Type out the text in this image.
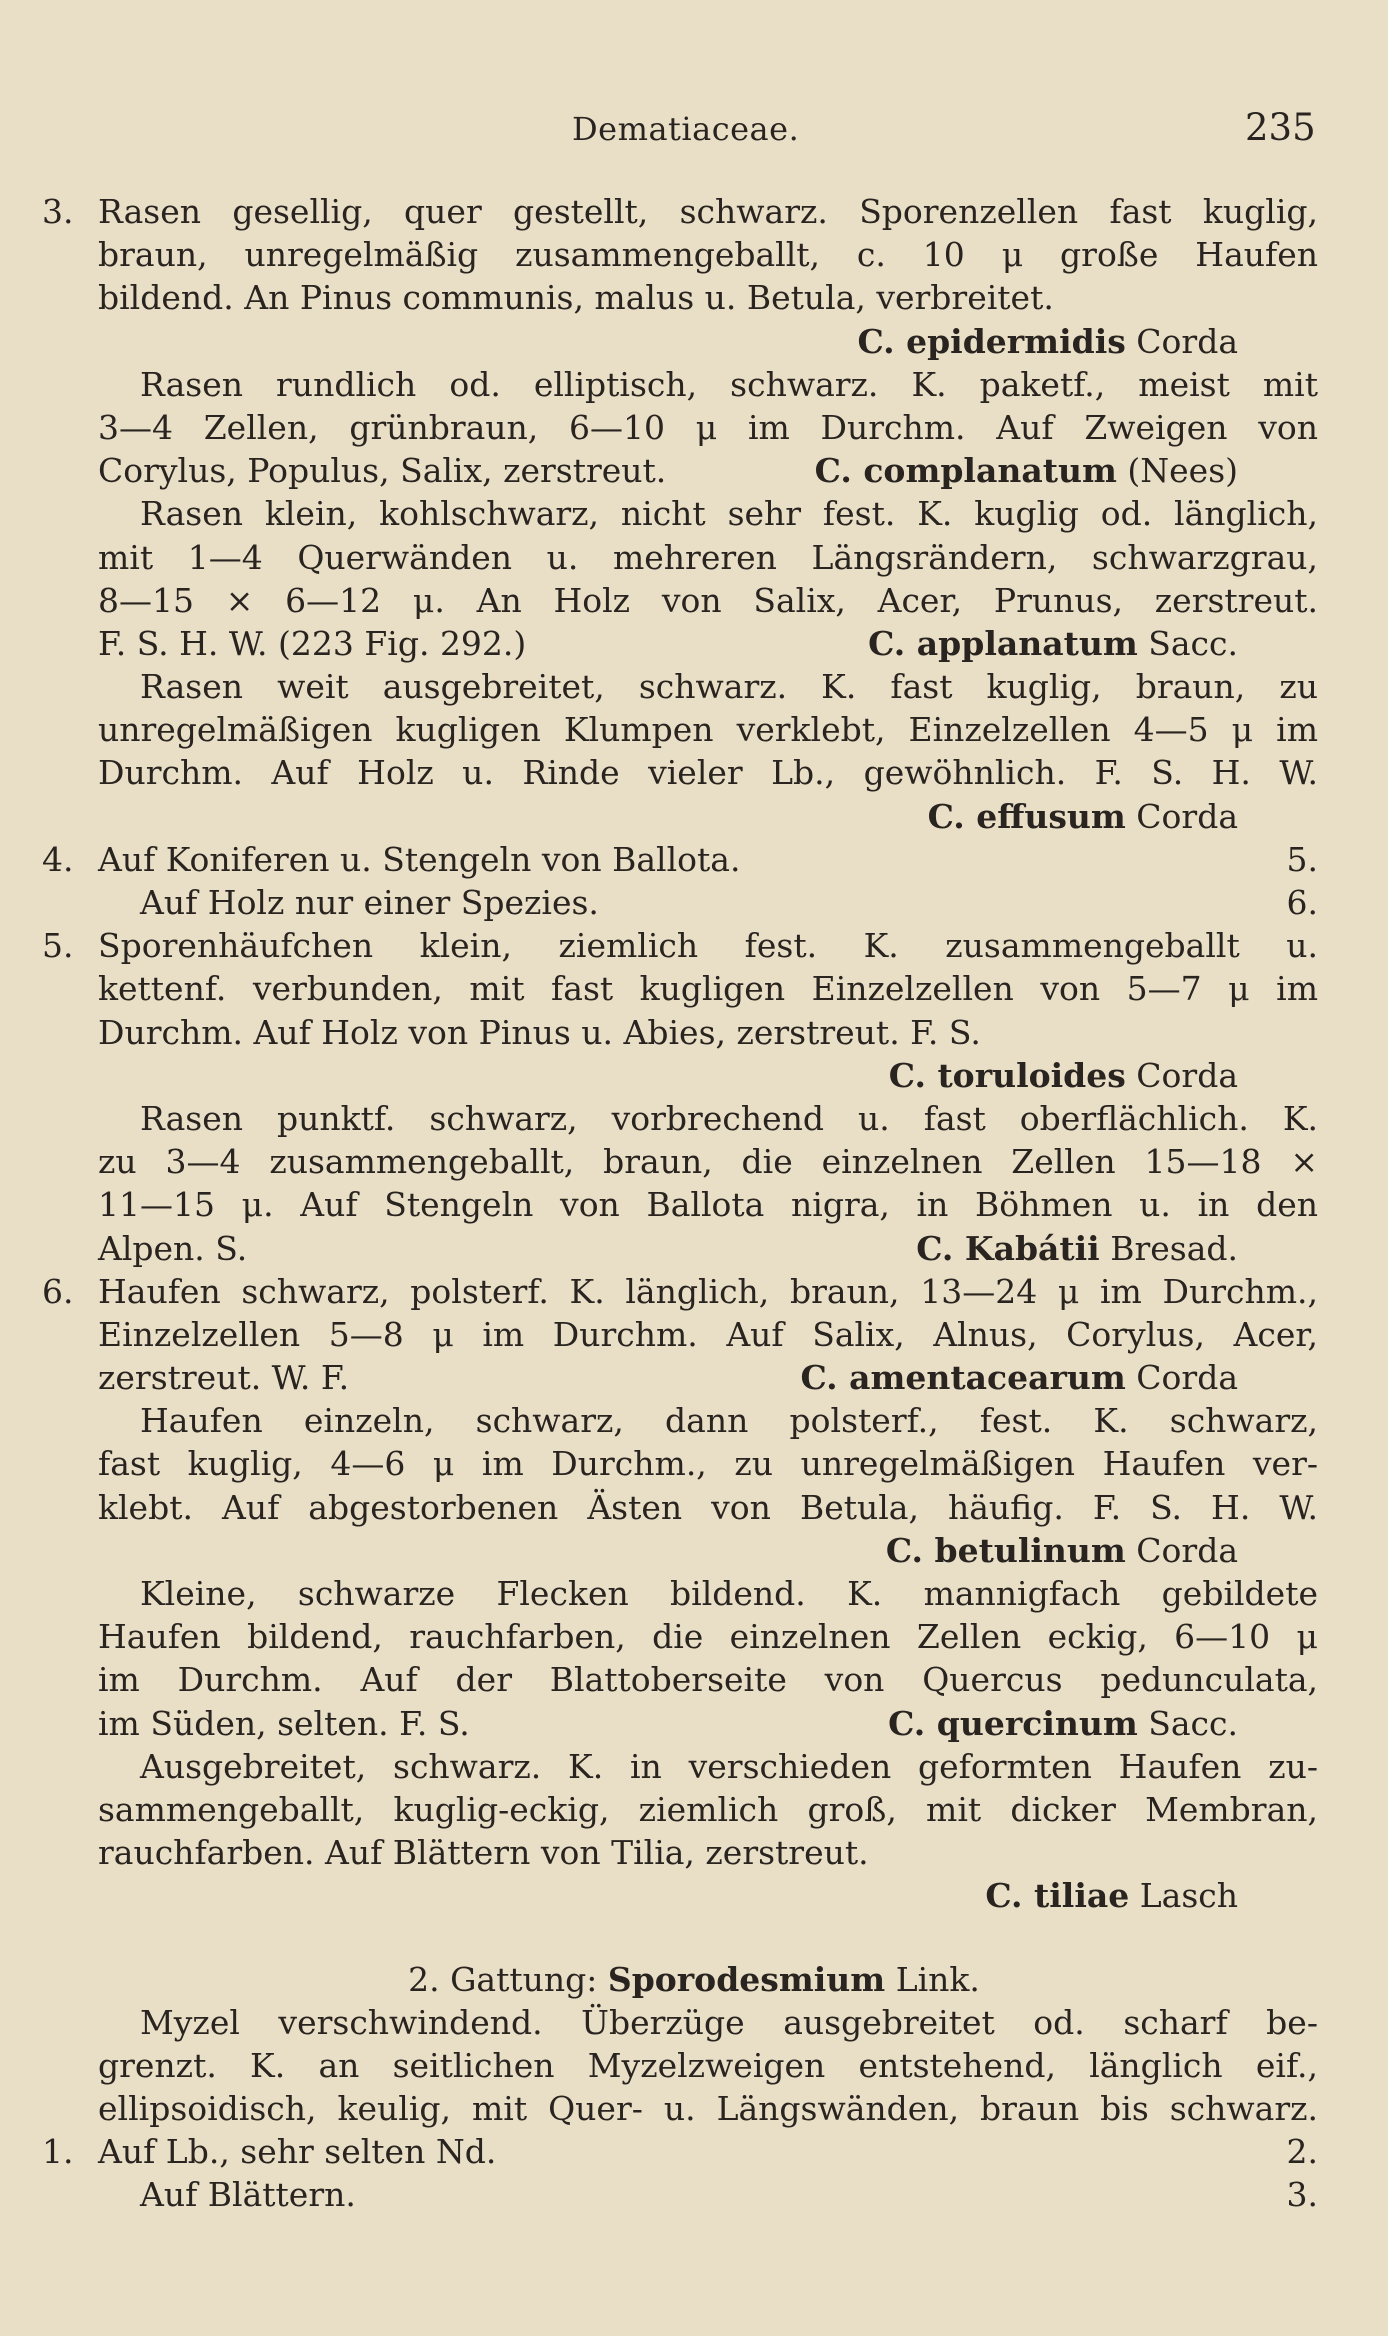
Dematiaceae.	235
3. Rasen gesellig, quer gestellt, schwarz. Sporenzellen fast kuglig,
braun, unregelmäßig zusammengeballt, c. 10 μ große Haufen
bildend. An Pinus communis, malus u. Betula, verbreitet.
C. epidermidis Corda
Rasen rundlich od. elliptisch, schwarz. K. paketf., meist mit
3—4 Zellen, grünbraun, 6—10 μ im Durchm. Auf Zweigen von
Corylus, Populus, Salix, zerstreut.	C. complanatum (Nees)
Rasen klein, kohlschwarz, nicht sehr fest. K. kuglig od. länglich,
mit 1—4 Querwänden u. mehreren Längsrändern, schwarzgrau,
8—15 × 6—12 μ. An Holz von Salix, Acer, Prunus, zerstreut.
F. S. H. W. (223 Fig. 292.)	C. applanatum Sacc.
Rasen weit ausgebreitet, schwarz. K. fast kuglig, braun, zu
unregelmäßigen kugligen Klumpen verklebt, Einzelzellen 4—5 μ im
Durchm. Auf Holz u. Rinde vieler Lb., gewöhnlich. F. S. H. W.
C. effusum Corda
4. Auf Koniferen u. Stengeln von Ballota.	5.
Auf Holz nur einer Spezies.	6.
5. Sporenhäufchen klein, ziemlich fest. K. zusammengeballt u.
kettenf. verbunden, mit fast kugligen Einzelzellen von 5—7 μ im
Durchm. Auf Holz von Pinus u. Abies, zerstreut. F. S.
C. toruloides Corda
Rasen punktf. schwarz, vorbrechend u. fast oberflächlich. K.
zu 3—4 zusammengeballt, braun, die einzelnen Zellen 15—18 ×
11—15 μ. Auf Stengeln von Ballota nigra, in Böhmen u. in den
Alpen. S.	C. Kabátii Bresad.
6. Haufen schwarz, polsterf. K. länglich, braun, 13—24 μ im Durchm.,
Einzelzellen 5—8 μ im Durchm. Auf Salix, Alnus, Corylus, Acer,
zerstreut. W. F.	C. amentacearum Corda
Haufen einzeln, schwarz, dann polsterf., fest. K. schwarz,
fast kuglig, 4—6 μ im Durchm., zu unregelmäßigen Haufen ver-
klebt. Auf abgestorbenen Ästen von Betula, häufig. F. S. H. W.
C. betulinum Corda
Kleine, schwarze Flecken bildend. K. mannigfach gebildete
Haufen bildend, rauchfarben, die einzelnen Zellen eckig, 6—10 μ
im Durchm. Auf der Blattoberseite von Quercus pedunculata,
im Süden, selten. F. S.	C. quercinum Sacc.
Ausgebreitet, schwarz. K. in verschieden geformten Haufen zu-
sammengeballt, kuglig-eckig, ziemlich groß, mit dicker Membran,
rauchfarben. Auf Blättern von Tilia, zerstreut.
C. tiliae Lasch
2. Gattung: Sporodesmium Link.
Myzel verschwindend. Überzüge ausgebreitet od. scharf be-
grenzt. K. an seitlichen Myzelzweigen entstehend, länglich eif.,
ellipsoidisch, keulig, mit Quer- u. Längswänden, braun bis schwarz.
1. Auf Lb., sehr selten Nd.	2.
Auf Blättern.	3.
